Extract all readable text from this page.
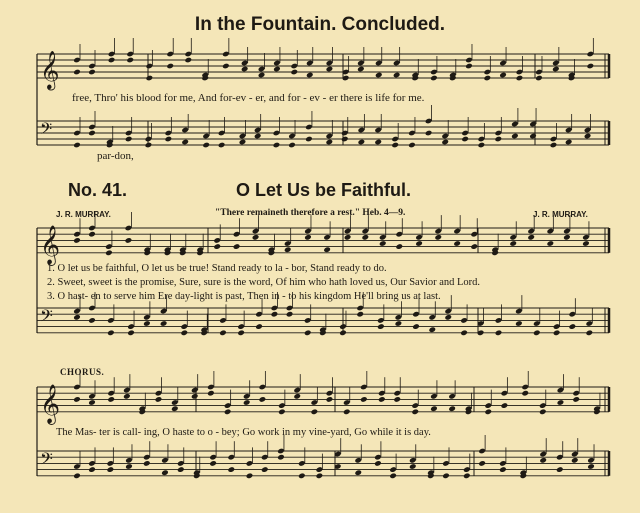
In the Fountain. Concluded.
𝄞
𝄢
𝄞
𝄢
𝄞
𝄢
free, Thro' his blood for me, And for-ev - er, and for - ev - er there is life for me.
par-don,
No. 41.	O Let Us be Faithful.
J. R. MURRAY.	"There remaineth therefore a rest." Heb. 4—9.	J. R. MURRAY.
1. O let us be faithful, O let us be true! Stand ready to la - bor, Stand ready to do.
2. Sweet, sweet is the promise, Sure, sure is the word, Of him who hath loved us, Our Savior and Lord.
3. O hast- en to serve him Ere day-light is past, Then in - to his kingdom He'll bring us at last.
CHORUS.
The Mas- ter is call- ing, O haste to o - bey; Go work in my vine-yard, Go while it is day.
